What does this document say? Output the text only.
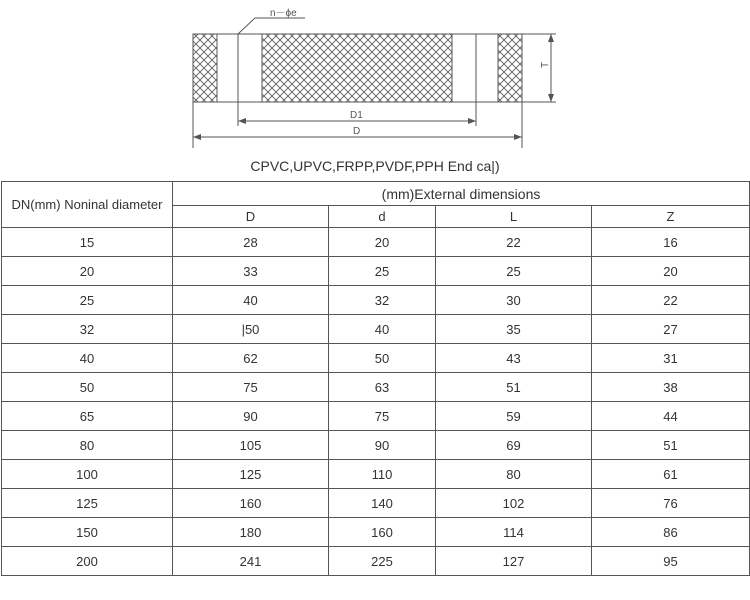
n－ϕe
T
D1
D
CPVC,UPVC,FRPP,PVDF,PPH End ca|)
DN(mm) Noninal diameter	(mm)External dimensions			
	D	d	L	Z
15	28	20	22	16
20	33	25	25	20
25	40	32	30	22
32	|50	40	35	27
40	62	50	43	31
50	75	63	51	38
65	90	75	59	44
80	105	90	69	51
100	125	110	80	61
125	160	140	102	76
150	180	160	114	86
200	241	225	127	95
